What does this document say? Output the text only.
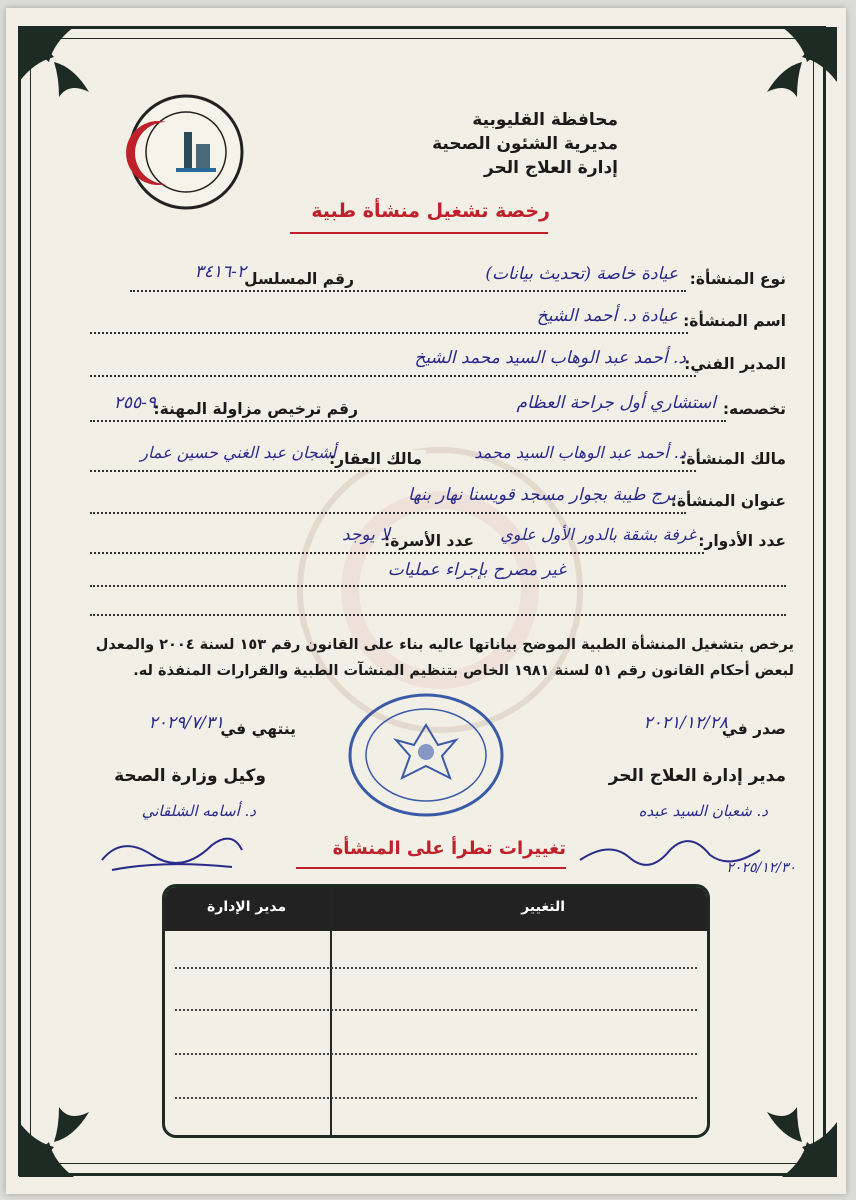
محافظة القليوبية
مديرية الشئون الصحية
إدارة العلاج الحر
رخصة تشغيل منشأة طبية
نوع المنشأة:
عيادة خاصة (تحديث بيانات)
رقم المسلسل
٢-٣٤١٦
اسم المنشأة:
عيادة د. أحمد الشيخ
المدير الفني:
د. أحمد عبد الوهاب السيد محمد الشيخ
تخصصه:
استشاري أول جراحة العظام
رقم ترخيص مزاولة المهنة:
٩-٢٥٥
مالك المنشأة:
د. أحمد عبد الوهاب السيد محمد
مالك العقار:
أشجان عبد الغني حسين عمار
عنوان المنشأة:
برج طيبة بجوار مسجد قويسنا نهار بنها
عدد الأدوار:
غرفة بشقة بالدور الأول علوي
عدد الأسرة:
لا يوجد
غير مصرح بإجراء عمليات
يرخص بتشغيل المنشأة الطبية الموضح بياناتها عاليه بناء على القانون رقم ١٥٣ لسنة ٢٠٠٤ والمعدل لبعض أحكام القانون رقم ٥١ لسنة ١٩٨١ الخاص بتنظيم المنشآت الطبية والقرارات المنفذة له.
صدر في
٢٠٢١/١٢/٢٨
ينتهي في
٢٠٢٩/٧/٣١
مدير إدارة العلاج الحر
د. شعبان السيد عبده
٢٠٢٥/١٢/٣٠
وكيل وزارة الصحة
د. أسامه الشلقاني
تغييرات تطرأ على المنشأة
التغيير
مدير الإدارة
